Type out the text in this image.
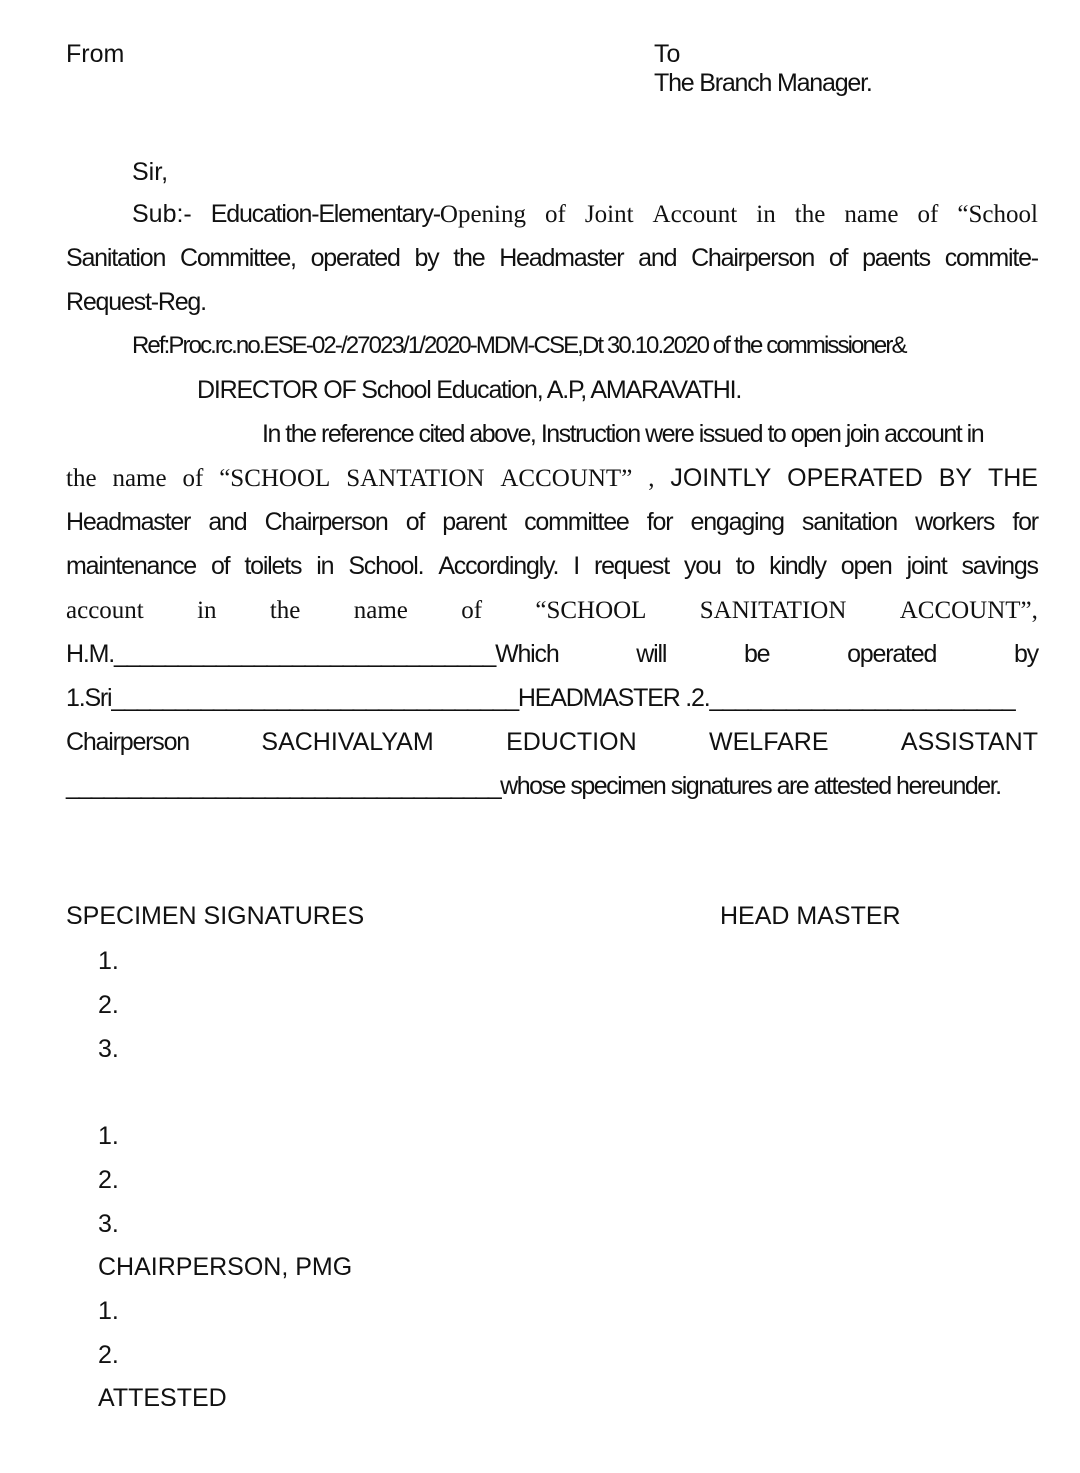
From	To
The Branch Manager.
Sir,
Sub:- Education-Elementary-Opening of Joint Account in the name of “School
Sanitation Committee, operated by the Headmaster and Chairperson of paents commite-
Request-Reg.
Ref:Proc.rc.no.ESE-02-/27023/1/2020-MDM-CSE,Dt 30.10.2020 of the commissioner&
DIRECTOR OF School Education, A.P, AMARAVATHI.
In the reference cited above, Instruction were issued to open join account in
the name of “SCHOOL SANTATION ACCOUNT” , JOINTLY OPERATED BY THE
Headmaster and Chairperson of parent committee for engaging sanitation workers for
maintenance of toilets in School. Accordingly. I request you to kindly open joint savings
account in the name of “SCHOOL SANITATION ACCOUNT”,
H.M.______________________________Which	will	be	operated	by
1.Sri________________________________HEADMASTER .2.________________________
Chairperson	SACHIVALYAM	EDUCTION	WELFARE	ASSISTANT
___________________________________whose specimen signatures are attested hereunder.
SPECIMEN SIGNATURES	HEAD MASTER
1.
2.
3.
1.
2.
3.
CHAIRPERSON, PMG
1.
2.
ATTESTED
